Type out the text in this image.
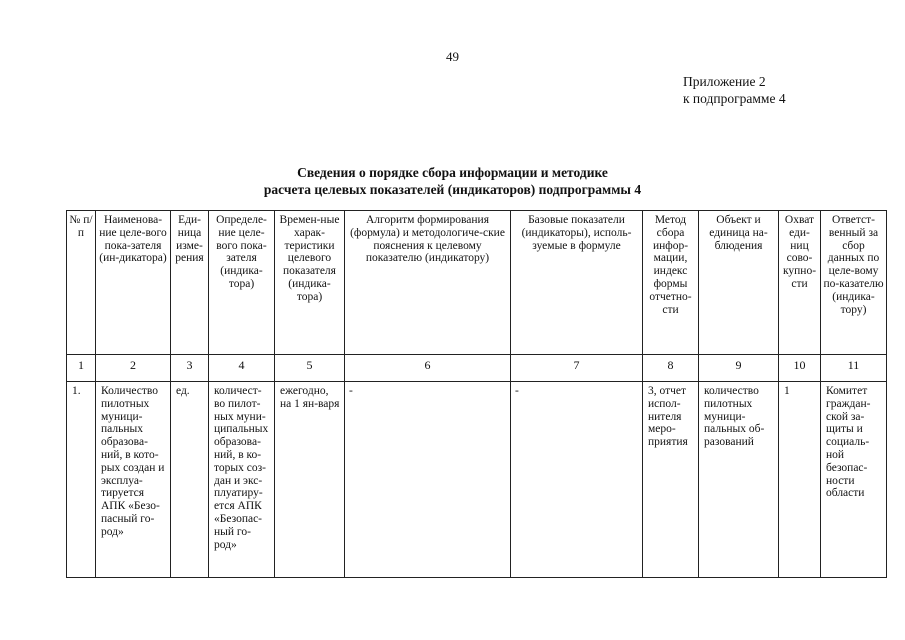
49
Приложение 2
к подпрограмме 4
Сведения о порядке сбора информации и методике
расчета целевых показателей (индикаторов) подпрограммы 4
№ п/п	Наименова-ние целе-вого пока-зателя (ин-дикатора)	Еди-ница изме-рения	Определе-ние целе-вого пока-зателя (индика-тора)	Времен-ные харак-теристики целевого показателя (индика-тора)	Алгоритм формирования (формула) и методологиче-ские пояснения к целевому показателю (индикатору)	Базовые показатели (индикаторы), исполь-зуемые в формуле	Метод сбора инфор-мации, индекс формы отчетно-сти	Объект и единица на-блюдения	Охват еди-ниц сово-купно-сти	Ответст-венный за сбор данных по целе-вому по-казателю (индика-тору)
1	2	3	4	5	6	7	8	9	10	11
1.	Количество пилотных муници-пальных образова-ний, в кото-рых создан и эксплуа-тируется АПК «Безо-пасный го-род»	ед.	количест-во пилот-ных муни-ципальных образова-ний, в ко-торых соз-дан и экс-плуатиру-ется АПК «Безопас-ный го-род»	ежегодно, на 1 ян-варя	-	-	3, отчет испол-нителя меро-приятия	количество пилотных муници-пальных об-разований	1	Комитет граждан-ской за-щиты и социаль-ной безопас-ности области
